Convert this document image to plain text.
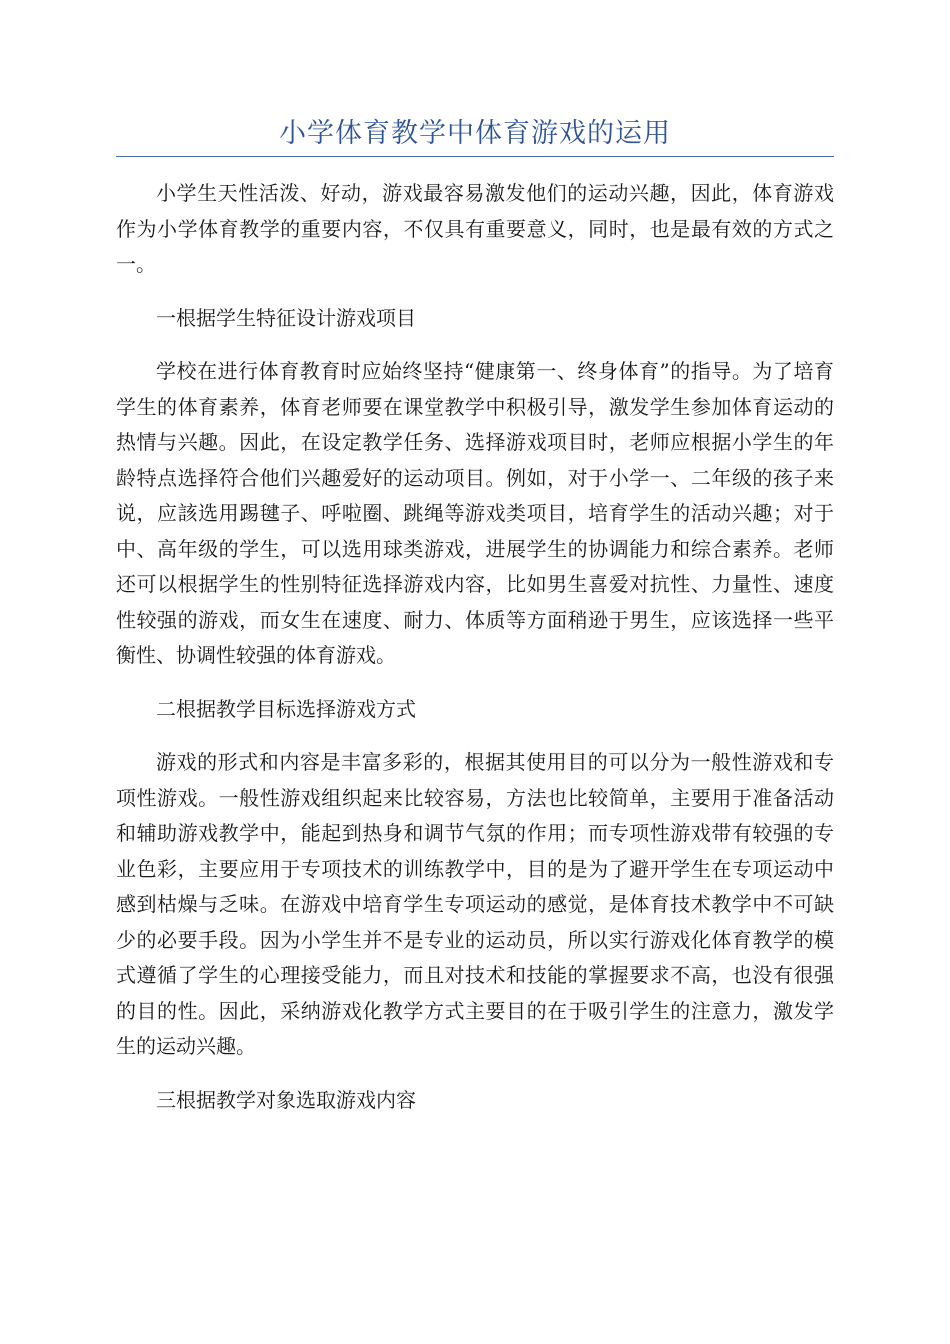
小学体育教学中体育游戏的运用

小学生天性活泼、好动，游戏最容易激发他们的运动兴趣，因此，体育游戏作为小学体育教学的重要内容，不仅具有重要意义，同时，也是最有效的方式之一。

一根据学生特征设计游戏项目

学校在进行体育教育时应始终坚持“健康第一、终身体育”的指导。为了培育学生的体育素养，体育老师要在课堂教学中积极引导，激发学生参加体育运动的热情与兴趣。因此，在设定教学任务、选择游戏项目时，老师应根据小学生的年龄特点选择符合他们兴趣爱好的运动项目。例如，对于小学一、二年级的孩子来说，应該选用踢毽子、呼啦圈、跳绳等游戏类项目，培育学生的活动兴趣；对于中、高年级的学生，可以选用球类游戏，进展学生的协调能力和综合素养。老师还可以根据学生的性别特征选择游戏内容，比如男生喜爱对抗性、力量性、速度性较强的游戏，而女生在速度、耐力、体质等方面稍逊于男生，应该选择一些平衡性、协调性较强的体育游戏。

二根据教学目标选择游戏方式

游戏的形式和内容是丰富多彩的，根据其使用目的可以分为一般性游戏和专项性游戏。一般性游戏组织起来比较容易，方法也比较简单，主要用于准备活动和辅助游戏教学中，能起到热身和调节气氛的作用；而专项性游戏带有较强的专业色彩，主要应用于专项技术的训练教学中，目的是为了避开学生在专项运动中感到枯燥与乏味。在游戏中培育学生专项运动的感觉，是体育技术教学中不可缺少的必要手段。因为小学生并不是专业的运动员，所以实行游戏化体育教学的模式遵循了学生的心理接受能力，而且对技术和技能的掌握要求不高，也没有很强的目的性。因此，采纳游戏化教学方式主要目的在于吸引学生的注意力，激发学生的运动兴趣。

三根据教学对象选取游戏内容
